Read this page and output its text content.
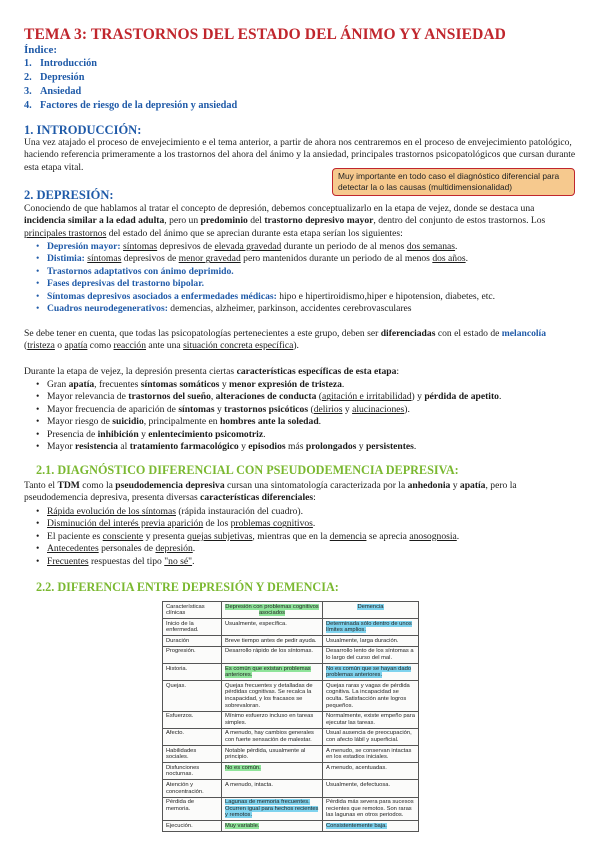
TEMA 3: TRASTORNOS DEL ESTADO DEL ÁNIMO YY ANSIEDAD
Índice:
1. Introducción
2. Depresión
3. Ansiedad
4. Factores de riesgo de la depresión y ansiedad
1. INTRODUCCIÓN:
Una vez atajado el proceso de envejecimiento e el tema anterior, a partir de ahora nos centraremos en el proceso de envejecimiento patológico, haciendo referencia primeramente a los trastornos del ahora del ánimo y la ansiedad, principales trastornos psicopatológicos que cursan durante esta etapa vital.
Muy importante en todo caso el diagnóstico diferencial para detectar la o las causas (multidimensionalidad)
2. DEPRESIÓN:
Conociendo de que hablamos al tratar el concepto de depresión, debemos conceptualizarlo en la etapa de vejez, donde se destaca una incidencia similar a la edad adulta, pero un predominio del trastorno depresivo mayor, dentro del conjunto de estos trastornos. Los principales trastornos del estado del ánimo que se aprecian durante esta etapa serían los siguientes:
• Depresión mayor: síntomas depresivos de elevada gravedad durante un periodo de al menos dos semanas.
• Distimia: síntomas depresivos de menor gravedad pero mantenidos durante un periodo de al menos dos años.
• Trastornos adaptativos con ánimo deprimido.
• Fases depresivas del trastorno bipolar.
• Síntomas depresivos asociados a enfermedades médicas: hipo e hipertiroidismo,hiper e hipotension, diabetes, etc.
• Cuadros neurodegenerativos: demencias, alzheimer, parkinson, accidentes cerebrovasculares
Se debe tener en cuenta, que todas las psicopatologías pertenecientes a este grupo, deben ser diferenciadas con el estado de melancolía (tristeza o apatía como reacción ante una situación concreta específica).
Durante la etapa de vejez, la depresión presenta ciertas características específicas de esta etapa:
• Gran apatía, frecuentes síntomas somáticos y menor expresión de tristeza.
• Mayor relevancia de trastornos del sueño, alteraciones de conducta (agitación e irritabilidad) y pérdida de apetito.
• Mayor frecuencia de aparición de síntomas y trastornos psicóticos (delirios y alucinaciones).
• Mayor riesgo de suicidio, principalmente en hombres ante la soledad.
• Presencia de inhibición y enlentecimiento psicomotriz.
• Mayor resistencia al tratamiento farmacológico y episodios más prolongados y persistentes.
2.1. DIAGNÓSTICO DIFERENCIAL CON PSEUDODEMENCIA DEPRESIVA:
Tanto el TDM como la pseudodemencia depresiva cursan una sintomatología caracterizada por la anhedonia y apatía, pero la pseudodemencia depresiva, presenta diversas características diferenciales:
• Rápida evolución de los síntomas (rápida instauración del cuadro).
• Disminución del interés previa aparición de los problemas cognitivos.
• El paciente es consciente y presenta quejas subjetivas, mientras que en la demencia se aprecia anosognosia.
• Antecedentes personales de depresión.
• Frecuentes respuestas del tipo "no sé".
2.2. DIFERENCIA ENTRE DEPRESIÓN Y DEMENCIA:
Características clínicas	Depresión con problemas cognitivos asociados	Demencia
Inicio de la enfermedad.	Usualmente, específica.	Determinada sólo dentro de unos límites amplios.
Duración	Breve tiempo antes de pedir ayuda.	Usualmente, larga duración.
Progresión.	Desarrollo rápido de los síntomas.	Desarrollo lento de los síntomas a lo largo del curso del mal.
Historia.	Es común que existan problemas anteriores.	No es común que se hayan dado problemas anteriores.
Quejas.	Quejas frecuentes y detalladas de pérdidas cognitivas. Se recalca la incapacidad, y los fracasos se sobrevaloran.	Quejas raras y vagas de pérdida cognitiva. La incapacidad se oculta. Satisfacción ante logros pequeños.
Esfuerzos.	Mínimo esfuerzo incluso en tareas simples.	Normalmente, existe empeño para ejecutar las tareas.
Afecto.	A menudo, hay cambios generales con fuerte sensación de malestar.	Usual ausencia de preocupación, con afecto lábil y superficial.
Habilidades sociales.	Notable pérdida, usualmente al principio.	A menudo, se conservan intactas en los estadios iniciales.
Disfunciones nocturnas.	No es común.	A menudo, acentuadas.
Atención y concentración.	A menudo, intacta.	Usualmente, defectuosa.
Pérdida de memoria.	Lagunas de memoria frecuentes. Ocurren igual para hechos recientes y remotos.	Pérdida más severa para sucesos recientes que remotos. Son raras las lagunas en otros periodos.
Ejecución.	Muy variable.	Consistentemente baja.
